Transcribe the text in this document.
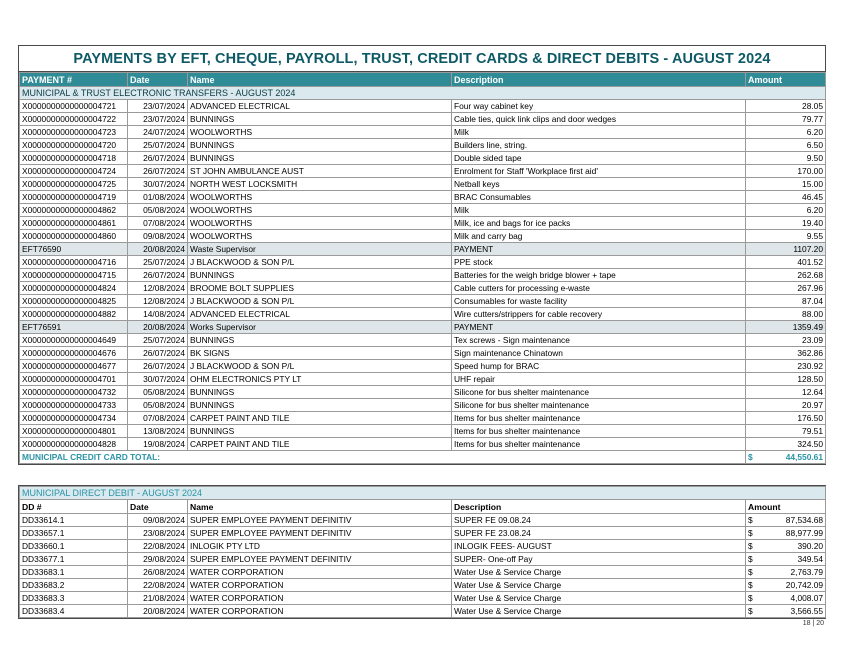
PAYMENTS BY EFT, CHEQUE, PAYROLL, TRUST, CREDIT CARDS & DIRECT DEBITS - AUGUST 2024
PAYMENT #	Date	Name	Description	Amount
MUNICIPAL & TRUST ELECTRONIC TRANSFERS - AUGUST 2024				
X0000000000000004721	23/07/2024	ADVANCED ELECTRICAL	Four way cabinet key	28.05
X0000000000000004722	23/07/2024	BUNNINGS	Cable ties, quick link clips and door wedges	79.77
X0000000000000004723	24/07/2024	WOOLWORTHS	Milk	6.20
X0000000000000004720	25/07/2024	BUNNINGS	Builders line, string.	6.50
X0000000000000004718	26/07/2024	BUNNINGS	Double sided tape	9.50
X0000000000000004724	26/07/2024	ST JOHN AMBULANCE AUST	Enrolment for Staff 'Workplace first aid'	170.00
X0000000000000004725	30/07/2024	NORTH WEST LOCKSMITH	Netball keys	15.00
X0000000000000004719	01/08/2024	WOOLWORTHS	BRAC Consumables	46.45
X0000000000000004862	05/08/2024	WOOLWORTHS	Milk	6.20
X0000000000000004861	07/08/2024	WOOLWORTHS	Milk, ice and bags for ice packs	19.40
X0000000000000004860	09/08/2024	WOOLWORTHS	Milk and carry bag	9.55
EFT76590	20/08/2024	Waste Supervisor	PAYMENT	1107.20
X0000000000000004716	25/07/2024	J BLACKWOOD & SON P/L	PPE stock	401.52
X0000000000000004715	26/07/2024	BUNNINGS	Batteries for the weigh bridge blower + tape	262.68
X0000000000000004824	12/08/2024	BROOME BOLT SUPPLIES	Cable cutters for processing e-waste	267.96
X0000000000000004825	12/08/2024	J BLACKWOOD & SON P/L	Consumables for waste facility	87.04
X0000000000000004882	14/08/2024	ADVANCED ELECTRICAL	Wire cutters/strippers for cable recovery	88.00
EFT76591	20/08/2024	Works Supervisor	PAYMENT	1359.49
X0000000000000004649	25/07/2024	BUNNINGS	Tex screws - Sign maintenance	23.09
X0000000000000004676	26/07/2024	BK SIGNS	Sign maintenance Chinatown	362.86
X0000000000000004677	26/07/2024	J BLACKWOOD & SON P/L	Speed hump for BRAC	230.92
X0000000000000004701	30/07/2024	OHM ELECTRONICS PTY LT	UHF repair	128.50
X0000000000000004732	05/08/2024	BUNNINGS	Silicone for bus shelter maintenance	12.64
X0000000000000004733	05/08/2024	BUNNINGS	Silicone for bus shelter maintenance	20.97
X0000000000000004734	07/08/2024	CARPET PAINT AND TILE	Items for bus shelter maintenance	176.50
X0000000000000004801	13/08/2024	BUNNINGS	Items for bus shelter maintenance	79.51
X0000000000000004828	19/08/2024	CARPET PAINT AND TILE	Items for bus shelter maintenance	324.50
MUNICIPAL CREDIT CARD TOTAL:				$ 44,550.61
MUNICIPAL DIRECT DEBIT - AUGUST 2024				
DD #	Date	Name	Description	Amount
DD33614.1	09/08/2024	SUPER EMPLOYEE PAYMENT DEFINITIV	SUPER FE 09.08.24	$ 87,534.68
DD33657.1	23/08/2024	SUPER EMPLOYEE PAYMENT DEFINITIV	SUPER FE 23.08.24	$ 88,977.99
DD33660.1	22/08/2024	INLOGIK PTY LTD	INLOGIK FEES- AUGUST	$ 390.20
DD33677.1	29/08/2024	SUPER EMPLOYEE PAYMENT DEFINITIV	SUPER- One-off Pay	$ 349.54
DD33683.1	26/08/2024	WATER CORPORATION	Water Use & Service Charge	$ 2,763.79
DD33683.2	22/08/2024	WATER CORPORATION	Water Use & Service Charge	$ 20,742.09
DD33683.3	21/08/2024	WATER CORPORATION	Water Use & Service Charge	$ 4,008.07
DD33683.4	20/08/2024	WATER CORPORATION	Water Use & Service Charge	$ 3,566.55
18 | 20
